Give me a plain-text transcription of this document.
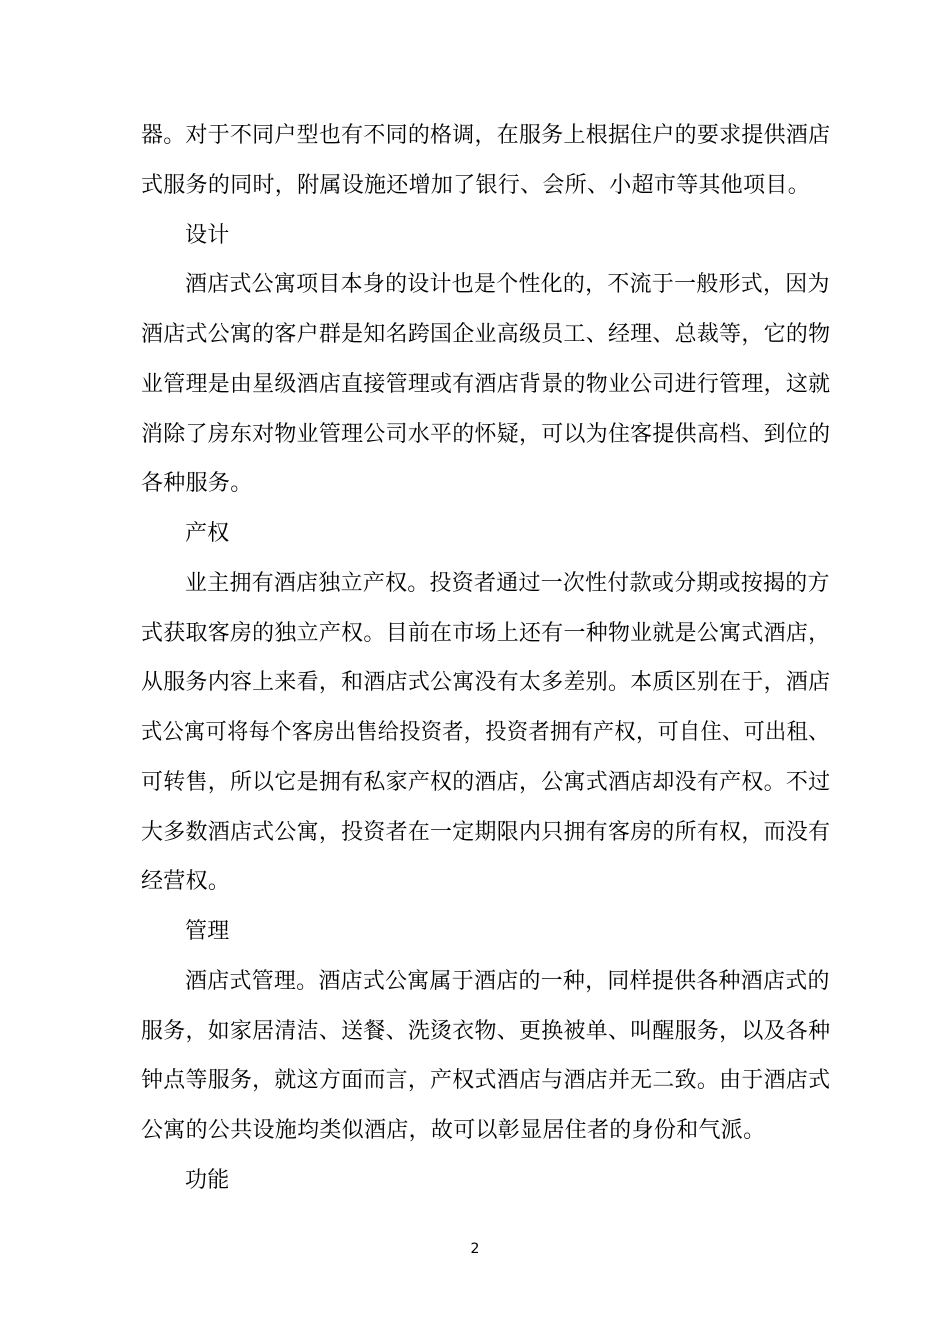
器。对于不同户型也有不同的格调，在服务上根据住户的要求提供酒店
式服务的同时，附属设施还增加了银行、会所、小超市等其他项目。
设计
酒店式公寓项目本身的设计也是个性化的，不流于一般形式，因为
酒店式公寓的客户群是知名跨国企业高级员工、经理、总裁等，它的物
业管理是由星级酒店直接管理或有酒店背景的物业公司进行管理，这就
消除了房东对物业管理公司水平的怀疑，可以为住客提供高档、到位的
各种服务。
产权
业主拥有酒店独立产权。投资者通过一次性付款或分期或按揭的方
式获取客房的独立产权。目前在市场上还有一种物业就是公寓式酒店，
从服务内容上来看，和酒店式公寓没有太多差别。本质区别在于，酒店
式公寓可将每个客房出售给投资者，投资者拥有产权，可自住、可出租、
可转售，所以它是拥有私家产权的酒店，公寓式酒店却没有产权。不过
大多数酒店式公寓，投资者在一定期限内只拥有客房的所有权，而没有
经营权。
管理
酒店式管理。酒店式公寓属于酒店的一种，同样提供各种酒店式的
服务，如家居清洁、送餐、洗烫衣物、更换被单、叫醒服务，以及各种
钟点等服务，就这方面而言，产权式酒店与酒店并无二致。由于酒店式
公寓的公共设施均类似酒店，故可以彰显居住者的身份和气派。
功能
2
